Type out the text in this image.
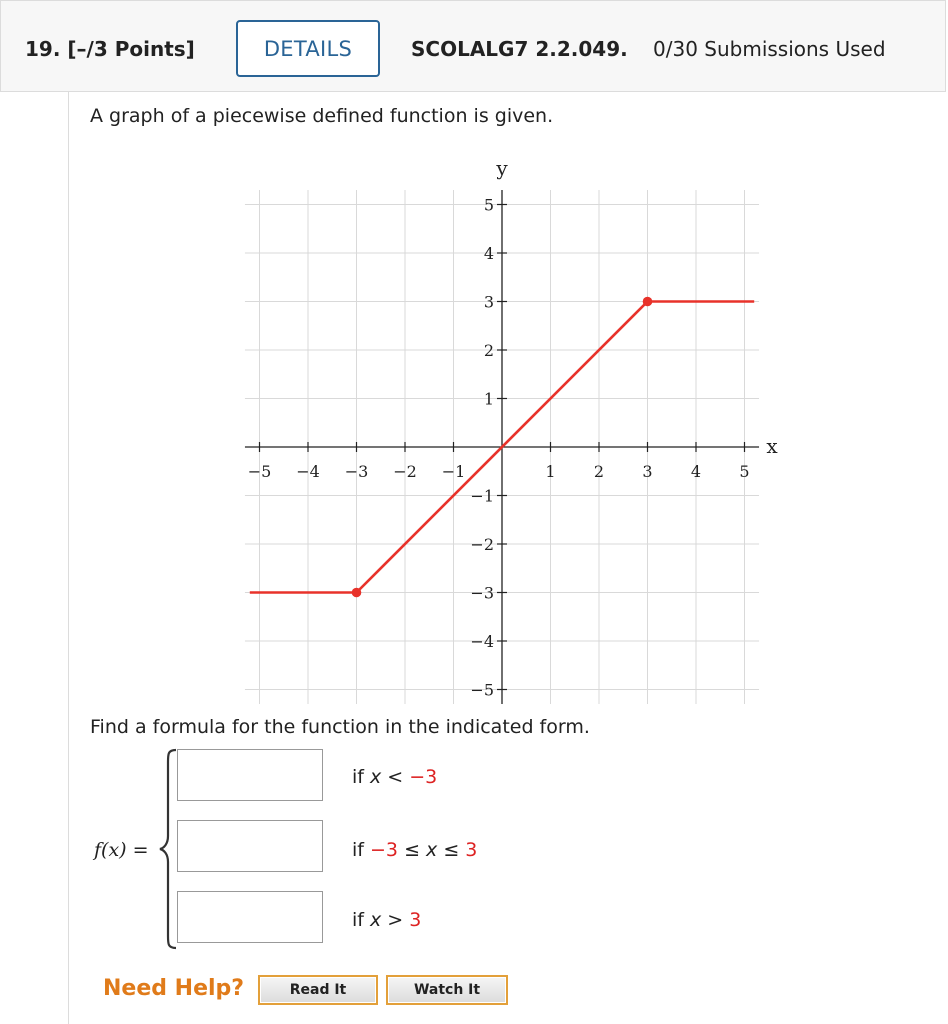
19. [–/3 Points]	DETAILS	SCOLALG7 2.2.049. 0/30 Submissions Used
A graph of a piecewise defined function is given.
−5 −4 −3 −2 −1	1 2 3 4 5
5
4
3
2
1
−1
−2
−3
−4
−5
y
x
Find a formula for the function in the indicated form.
f(x) =
if x < −3
if −3 ≤ x ≤ 3
if x > 3
Need Help?	Read It	Watch It
